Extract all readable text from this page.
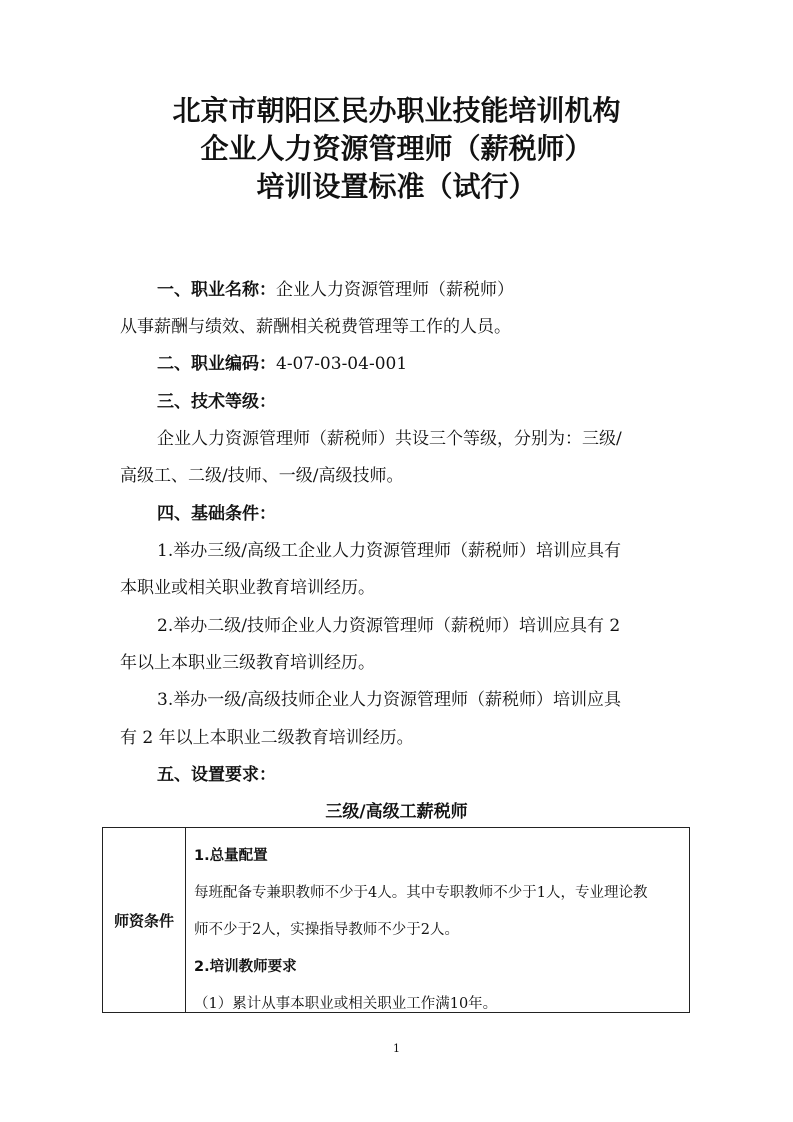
北京市朝阳区民办职业技能培训机构
企业人力资源管理师（薪税师）
培训设置标准（试行）
一、职业名称：企业人力资源管理师（薪税师）
从事薪酬与绩效、薪酬相关税费管理等工作的人员。
二、职业编码：4-07-03-04-001
三、技术等级：
企业人力资源管理师（薪税师）共设三个等级，分别为：三级/
高级工、二级/技师、一级/高级技师。
四、基础条件：
1.举办三级/高级工企业人力资源管理师（薪税师）培训应具有
本职业或相关职业教育培训经历。
2.举办二级/技师企业人力资源管理师（薪税师）培训应具有 2
年以上本职业三级教育培训经历。
3.举办一级/高级技师企业人力资源管理师（薪税师）培训应具
有 2 年以上本职业二级教育培训经历。
五、设置要求：
三级/高级工薪税师
师资条件
1.总量配置
每班配备专兼职教师不少于4人。其中专职教师不少于1人，专业理论教
师不少于2人，实操指导教师不少于2人。
2.培训教师要求
（1）累计从事本职业或相关职业工作满10年。
1
